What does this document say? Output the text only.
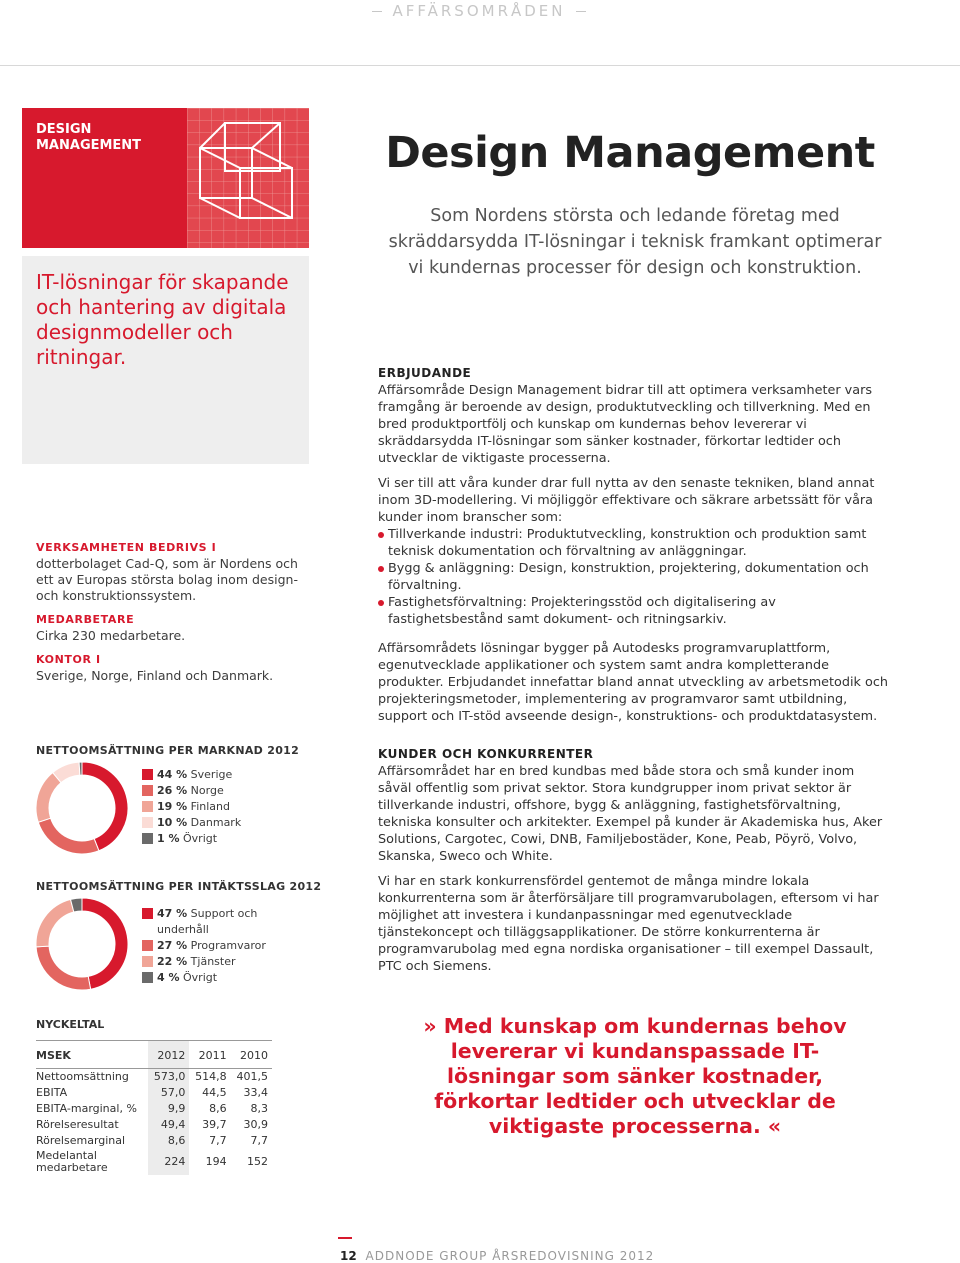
AFFÄRSOMRÅDEN
DESIGN
MANAGEMENT
IT-lösningar för skapande och hantering av digitala designmodeller och ritningar.
VERKSAMHETEN BEDRIVS I
dotterbolaget Cad-Q, som är Nordens och ett av Europas största bolag inom design- och konstruktionssystem.
MEDARBETARE
Cirka 230 medarbetare.
KONTOR I
Sverige, Norge, Finland och Danmark.
NETTOOMSÄTTNING PER MARKNAD 2012
44 % Sverige
26 % Norge
19 % Finland
10 % Danmark
1 % Övrigt
NETTOOMSÄTTNING PER INTÄKTSSLAG 2012
47 % Support och underhåll
27 % Programvaror
22 % Tjänster
4 % Övrigt
NYCKELTAL
MSEK	2012	2011	2010
Nettoomsättning	573,0	514,8	401,5
EBITA	57,0	44,5	33,4
EBITA-marginal, %	9,9	8,6	8,3
Rörelseresultat	49,4	39,7	30,9
Rörelsemarginal	8,6	7,7	7,7
Medelantal
medarbetare	224	194	152
Design Management
Som Nordens största och ledande företag med skräddarsydda IT-lösningar i teknisk framkant optimerar vi kundernas processer för design och konstruktion.
ERBJUDANDE

Affärsområde Design Management bidrar till att optimera verksamheter vars framgång är beroende av design, produktutveckling och tillverkning. Med en bred produktportfölj och kunskap om kundernas behov levererar vi skräddarsydda IT-lösningar som sänker kostnader, förkortar ledtider och utvecklar de viktigaste processerna.

Vi ser till att våra kunder drar full nytta av den senaste tekniken, bland annat inom 3D-modellering. Vi möjliggör effektivare och säkrare arbetssätt för våra kunder inom branscher som:

Tillverkande industri: Produktutveckling, konstruktion och produktion samt teknisk dokumentation och förvaltning av anläggningar.
Bygg & anläggning: Design, konstruktion, projektering, dokumentation och förvaltning.
Fastighetsförvaltning: Projekteringsstöd och digitalisering av fastighetsbestånd samt dokument- och ritningsarkiv.

Affärsområdets lösningar bygger på Autodesks programvaruplattform, egenutvecklade applikationer och system samt andra kompletterande produkter. Erbjudandet innefattar bland annat utveckling av arbetsmetodik och projekteringsmetoder, implementering av programvaror samt utbildning, support och IT-stöd avseende design-, konstruktions- och produktdatasystem.

KUNDER OCH KONKURRENTER

Affärsområdet har en bred kundbas med både stora och små kunder inom såväl offentlig som privat sektor. Stora kundgrupper inom privat sektor är tillverkande industri, offshore, bygg & anläggning, fastighetsförvaltning, tekniska konsulter och arkitekter. Exempel på kunder är Akademiska hus, Aker Solutions, Cargotec, Cowi, DNB, Familjebostäder, Kone, Peab, Pöyrö, Volvo, Skanska, Sweco och White.

Vi har en stark konkurrensfördel gentemot de många mindre lokala konkurrenterna som är återförsäljare till programvarubolagen, eftersom vi har möjlighet att investera i kundanpassningar med egenutvecklade tjänstekoncept och tilläggsapplikationer. De större konkurrenterna är programvarubolag med egna nordiska organisationer – till exempel Dassault, PTC och Siemens.

» Med kunskap om kundernas behov levererar vi kundanspassade IT-lösningar som sänker kostnader, förkortar ledtider och utvecklar de viktigaste processerna. «
12 ADDNODE GROUP ÅRSREDOVISNING 2012
